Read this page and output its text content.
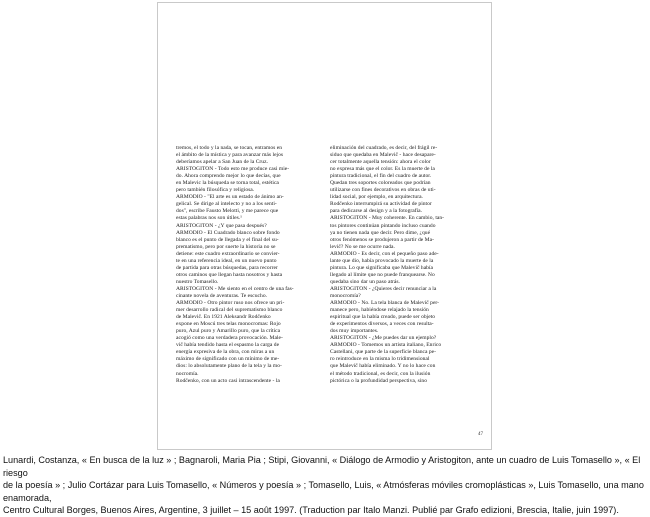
tremos, el todo y la nada, se tocan, entramos en

el ámbito de la mística y para avanzar más lejos

deberíamos apelar a San Juan de la Cruz.

ARISTOGITON - Todo esto me produce casi mie-

do. Ahora comprendo mejor lo que decías, que

en Malevic la búsqueda se torna total, estética

pero también filosófica y religiosa.

ARMODIO - "El arte es un estado de ánimo an-

gelical. Se dirige al intelecto y no a los senti-

dos", escribe Fausto Melotti, y me parece que

estas palabras nos son útiles.¹

ARISTOGITON - ¿Y que pasa después?

ARMODIO - El Cuadrado blanco sobre fondo

blanco es el punto de llegada y el final del su-

prematismo, pero por suerte la historia no se

detiene: este cuadro extraordinario se convier-

te en una referencia ideal, en un nuevo punto

de partida para otras búsquedas, para recorrer

otros caminos que llegan hasta nosotros y hasta

nuestro Tomasello.

ARISTOGITON - Me siento en el centro de una fas-

cinante novela de aventuras. Te escucho.

ARMODIO - Otro pintor ruso nos ofrece un pri-

mer desarrollo radical del suprematismo blanco

de Malevič. En 1921 Aleksandr Rodčenko

expone en Moscú tres telas monocromas: Rojo

puro, Azul puro y Amarillo puro, que la crítica

acogió como una verdadera provocación. Male-

vič había tendido hasta el espasmo la carga de

energía expresiva de la obra, con miras a un

máximo de significado con un mínimo de me-

dios: lo absolutamente plano de la tela y la mo-

nocromía.

Rodčenko, con un acto casi intrascendente - la

eliminación del cuadrado, es decir, del frágil re-

siduo que quedaba en Malevič - hace desapare-

cer totalmente aquella tensión: ahora el color

no expresa más que el color. Es la muerte de la

pintura tradicional, el fin del cuadro de autor.

Quedan tres soportes coloreados que podrían

utilizarse con fines decorativos en obras de uti-

lidad social, por ejemplo, en arquitectura.

Rodčenko interrumpirá su actividad de pintor

para dedicarse al design y a la fotografía.

ARISTOGITON - Muy coherente. En cambio, tan-

tos pintores continúan pintando incluso cuando

ya no tienen nada que decir. Pero dime, ¿qué

otros fenómenos se produjeron a partir de Ma-

levič? No se me ocurre nada.

ARMODIO - Es decir, con el pequeño paso ade-

lante que dio, había provocado la muerte de la

pintura. Lo que significaba que Malevič había

llegado al límite que no puede franquearse. No

quedaba sino dar un paso atrás.

ARISTOGITON - ¿Quieres decir renunciar a la

monocromía?

ARMODIO - No. La tela blanca de Malevič per-

manece pero, habiéndose relajado la tensión

espiritual que la había creado, puede ser objeto

de experimentos diversos, a veces con resulta-

dos muy importantes.

ARISTOGITON - ¿Me puedes dar un ejemplo?

ARMODIO - Tomemos un artista italiano, Enrico

Castellani, que parte de la superficie blanca pe-

ro reintroduce en la misma lo tridimensional

que Malevič había eliminado. Y no lo hace con

el método tradicional, es decir, con la ilusión

pictórica o la profundidad perspectiva, sino

47

Lunardi, Costanza, « En busca de la luz » ; Bagnaroli, Maria Pia ; Stipi, Giovanni, « Diálogo de Armodio y Aristogiton, ante un cuadro de Luis Tomasello », « El riesgo

de la poesía » ; Julio Cortázar para Luis Tomasello, « Números y poesía » ; Tomasello, Luis, « Atmósferas móviles cromoplásticas », Luis Tomasello, una mano enamorada,

Centro Cultural Borges, Buenos Aires, Argentine, 3 juillet – 15 août 1997. (Traduction par Italo Manzi. Publié par Grafo edizioni, Brescia, Italie, juin 1997).
